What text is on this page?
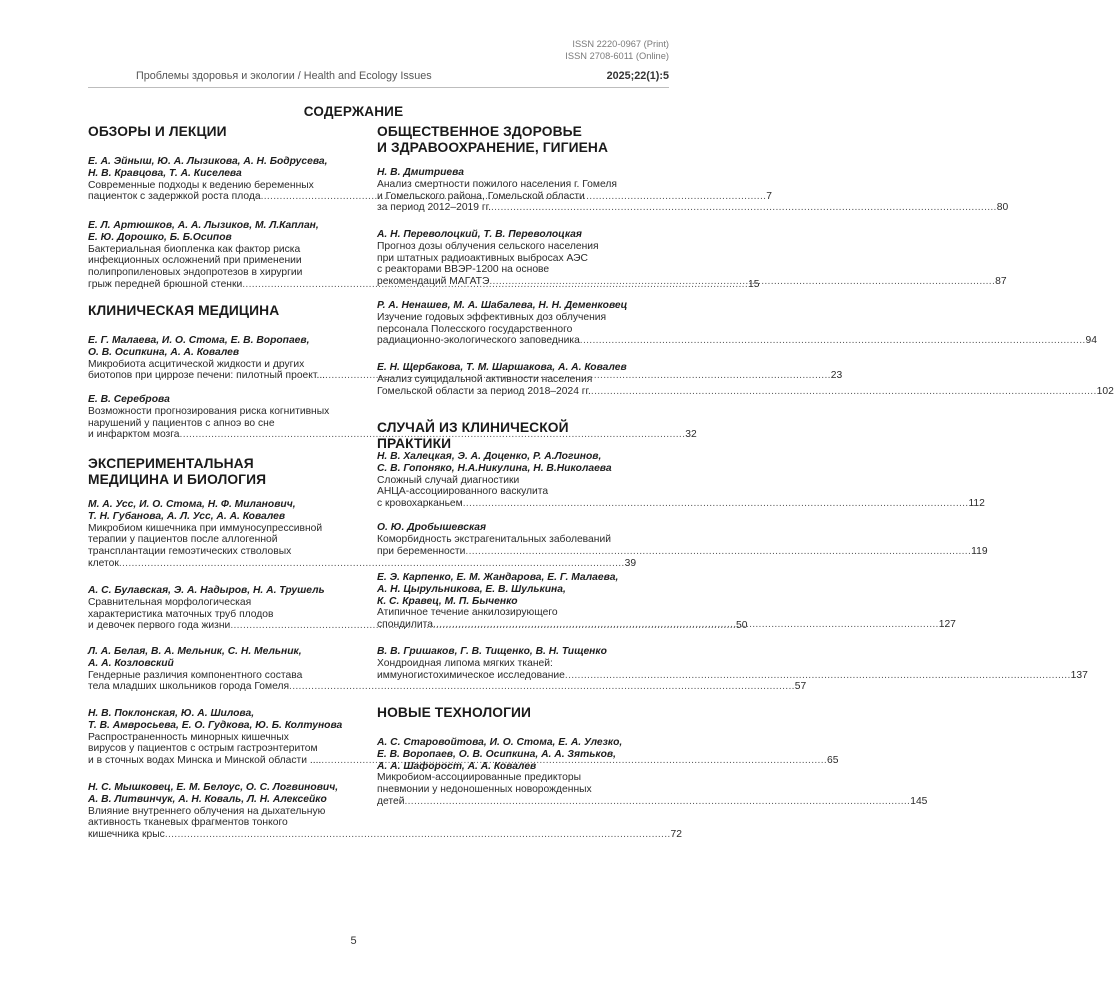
ISSN 2220-0967 (Print)
ISSN 2708-6011 (Online)
Проблемы здоровья и экологии / Health and Ecology Issues	2025;22(1):5
СОДЕРЖАНИЕ
ОБЗОРЫ И ЛЕКЦИИ
Е. А. Эйныш, Ю. А. Лызикова, А. Н. Бодрусева,
Н. В. Кравцова, Т. А. Киселева
Современные подходы к ведению беременных
пациенток с задержкой роста плода .....	7
Е. Л. Артюшков, А. А. Лызиков, М. Л.Каплан,
Е. Ю. Дорошко, Б. Б.Осипов
Бактериальная биопленка как фактор риска
инфекционных осложнений при применении
полипропиленовых эндопротезов в хирургии
грыж передней брюшной стенки .....	15
КЛИНИЧЕСКАЯ МЕДИЦИНА
Е. Г. Малаева, И. О. Стома, Е. В. Воропаев,
О. В. Осипкина, А. А. Ковалев
Микробиота асцитической жидкости и других
биотопов при циррозе печени: пилотный проект... .....	23
Е. В. Сереброва
Возможности прогнозирования риска когнитивных
нарушений у пациентов с апноэ во сне
и инфарктом мозга .....	32
ЭКСПЕРИМЕНТАЛЬНАЯ
МЕДИЦИНА И БИОЛОГИЯ
М. А. Усс, И. О. Стома, Н. Ф. Миланович,
Т. Н. Губанова, А. Л. Усс, А. А. Ковалев
Микробиом кишечника при иммуносупрессивной
терапии у пациентов после аллогенной
трансплантации гемоэтических стволовых
клеток .....	39
А. С. Булавская, Э. А. Надыров, Н. А. Трушель
Сравнительная морфологическая
характеристика маточных труб плодов
и девочек первого года жизни .....	50
Л. А. Белая, В. А. Мельник, С. Н. Мельник,
А. А. Козловский
Гендерные различия компонентного состава
тела младших школьников города Гомеля .....	57
Н. В. Поклонская, Ю. А. Шилова,
Т. В. Амвросьева, Е. О. Гудкова, Ю. Б. Колтунова
Распространенность минорных кишечных
вирусов у пациентов с острым гастроэнтеритом
и в сточных водах Минска и Минской области .... .....	65
Н. С. Мышковец, Е. М. Белоус, О. С. Логвинович,
А. В. Литвинчук, А. Н. Коваль, Л. Н. Алексейко
Влияние внутреннего облучения на дыхательную
активность тканевых фрагментов тонкого
кишечника крыс .....	72
ОБЩЕСТВЕННОЕ ЗДОРОВЬЕ
И ЗДРАВООХРАНЕНИЕ, ГИГИЕНА
Н. В. Дмитриева
Анализ смертности пожилого населения г. Гомеля
и Гомельского района, Гомельской области
за период 2012–2019 гг. .....	80
А. Н. Переволоцкий, Т. В. Переволоцкая
Прогноз дозы облучения сельского населения
при штатных радиоактивных выбросах АЭС
с реакторами ВВЭР-1200 на основе
рекомендаций МАГАТЭ .....	87
Р. А. Ненашев, М. А. Шабалева, Н. Н. Деменковец
Изучение годовых эффективных доз облучения
персонала Полесского государственного
радиационно-экологического заповедника .....	94
Е. Н. Щербакова, Т. М. Шаршакова, А. А. Ковалев
Анализ суицидальной активности населения
Гомельской области за период 2018–2024 гг. .....	102
СЛУЧАЙ ИЗ КЛИНИЧЕСКОЙ ПРАКТИКИ
Н. В. Халецкая, Э. А. Доценко, Р. А.Логинов,
С. В. Гопоняко, Н.А.Никулина, Н. В.Николаева
Сложный случай диагностики
АНЦА-ассоциированного васкулита
с кровохарканьем .....	112
О. Ю. Дробышевская
Коморбидность экстрагенитальных заболеваний
при беременности .....	119
Е. Э. Карпенко, Е. М. Жандарова, Е. Г. Малаева,
А. Н. Цырульникова, Е. В. Шулькина,
К. С. Кравец, М. П. Быченко
Атипичное течение анкилозирующего
спондилита .....	127
В. В. Гришаков, Г. В. Тищенко, В. Н. Тищенко
Хондроидная липома мягких тканей:
иммуногистохимическое исследование .....	137
НОВЫЕ ТЕХНОЛОГИИ
А. С. Старовойтова, И. О. Стома, Е. А. Улезко,
Е. В. Воропаев, О. В. Осипкина, А. А. Зятьков,
А. А. Шафорост, А. А. Ковалев
Микробиом-ассоциированные предикторы
пневмонии у недоношенных новорожденных
детей .....	145
5
